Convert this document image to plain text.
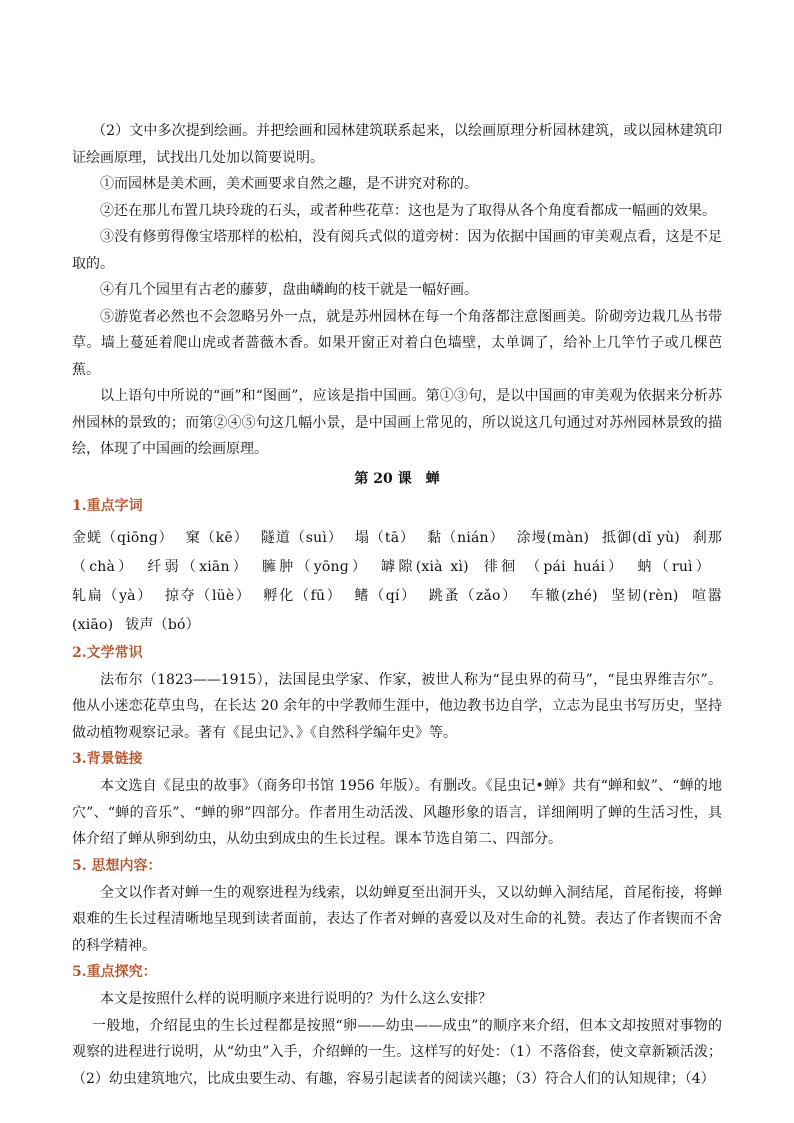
（2）文中多次提到绘画。并把绘画和园林建筑联系起来，以绘画原理分析园林建筑，或以园林建筑印证绘画原理，试找出几处加以简要说明。

①而园林是美术画，美术画要求自然之趣，是不讲究对称的。

②还在那儿布置几块玲珑的石头，或者种些花草：这也是为了取得从各个角度看都成一幅画的效果。

③没有修剪得像宝塔那样的松柏，没有阅兵式似的道旁树：因为依据中国画的审美观点看，这是不足取的。

④有几个园里有古老的藤萝，盘曲嶙峋的枝干就是一幅好画。

⑤游览者必然也不会忽略另外一点，就是苏州园林在每一个角落都注意图画美。阶砌旁边栽几丛书带草。墙上蔓延着爬山虎或者蔷薇木香。如果开窗正对着白色墙壁，太单调了，给补上几竿竹子或几棵芭蕉。

以上语句中所说的“画”和“图画”，应该是指中国画。第①③句，是以中国画的审美观为依据来分析苏州园林的景致的；而第②④⑤句这几幅小景，是中国画上常见的，所以说这几句通过对苏州园林景致的描绘，体现了中国画的绘画原理。

第 20 课　蝉
1.重点字词

金蜣（qiōnɡ） 窠（kē） 隧道（suì） 塌（tā） 黏（nián） 涂墁(màn) 抵御(dǐ yù) 刹那（chà） 纤弱（xiān） 臃肿（yōnɡ） 罅隙(xià xì) 徘徊 （pái huái） 蚋（ruì）轧扁（yà） 掠夺（lüè） 孵化（fū） 鳍（qí） 跳蚤（zǎo） 车辙(zhé) 坚韧(rèn) 喧嚣(xiāo) 钹声（bó）

2.文学常识

法布尔（1823——1915），法国昆虫学家、作家，被世人称为“昆虫界的荷马”，“昆虫界维吉尔”。他从小迷恋花草虫鸟，在长达 20 余年的中学教师生涯中，他边教书边自学，立志为昆虫书写历史，坚持做动植物观察记录。著有《昆虫记》、》《自然科学编年史》等。

3.背景链接

本文选自《昆虫的故事》（商务印书馆 1956 年版）。有删改。《昆虫记•蝉》共有“蝉和蚁”、“蝉的地穴”、“蝉的音乐”、“蝉的卵”四部分。作者用生动活泼、风趣形象的语言，详细阐明了蝉的生活习性，具体介绍了蝉从卵到幼虫，从幼虫到成虫的生长过程。课本节选自第二、四部分。

5. 思想内容：

全文以作者对蝉一生的观察进程为线索，以幼蝉夏至出洞开头，又以幼蝉入洞结尾，首尾衔接，将蝉艰难的生长过程清晰地呈现到读者面前，表达了作者对蝉的喜爱以及对生命的礼赞。表达了作者锲而不舍的科学精神。

5.重点探究：

本文是按照什么样的说明顺序来进行说明的？为什么这么安排？

一般地，介绍昆虫的生长过程都是按照“卵——幼虫——成虫”的顺序来介绍，但本文却按照对事物的观察的进程进行说明，从“幼虫”入手，介绍蝉的一生。这样写的好处：（1）不落俗套，使文章新颖活泼；（2）幼虫建筑地穴，比成虫要生动、有趣，容易引起读者的阅读兴趣；（3）符合人们的认知规律；（4）
